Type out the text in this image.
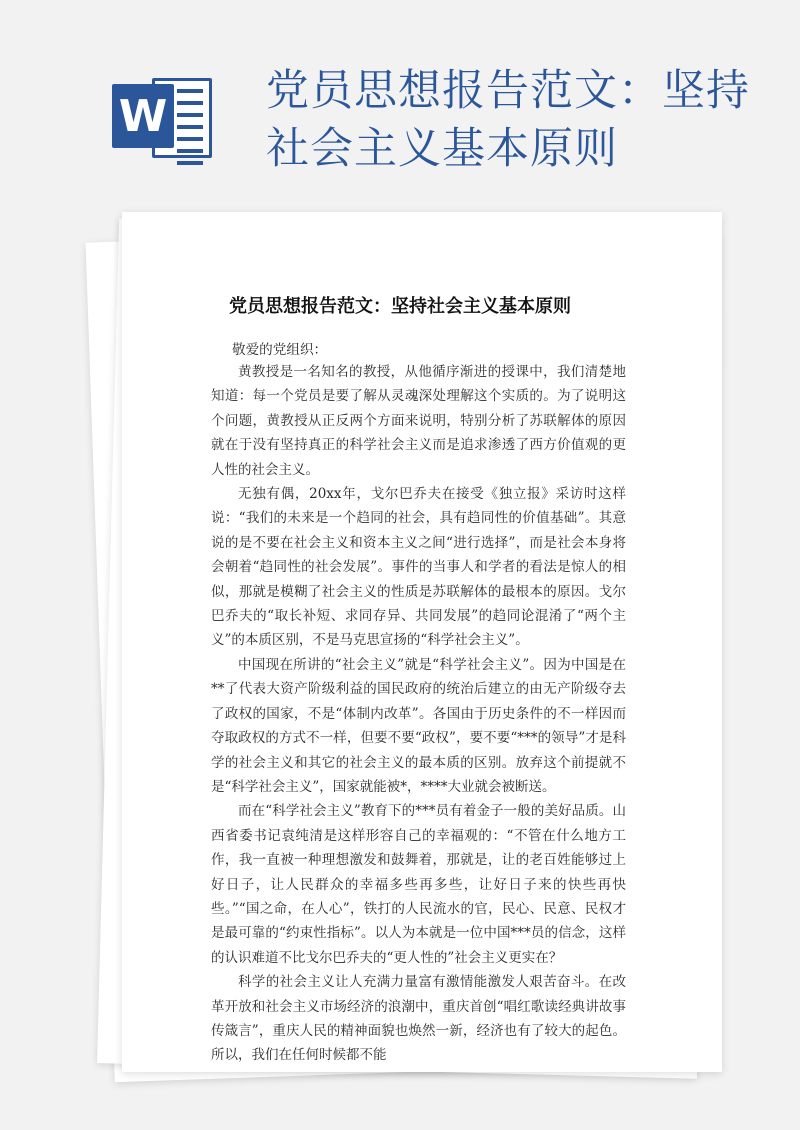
W 党员思想报告范文：坚持社会主义基本原则
党员思想报告范文：坚持社会主义基本原则
敬爱的党组织：

黄教授是一名知名的教授，从他循序渐进的授课中，我们清楚地知道：每一个党员是要了解从灵魂深处理解这个实质的。为了说明这个问题，黄教授从正反两个方面来说明，特别分析了苏联解体的原因就在于没有坚持真正的科学社会主义而是追求渗透了西方价值观的更人性的社会主义。

无独有偶，20xx年，戈尔巴乔夫在接受《独立报》采访时这样说：“我们的未来是一个趋同的社会，具有趋同性的价值基础”。其意说的是不要在社会主义和资本主义之间“进行选择”，而是社会本身将会朝着“趋同性的社会发展”。事件的当事人和学者的看法是惊人的相似，那就是模糊了社会主义的性质是苏联解体的最根本的原因。戈尔巴乔夫的“取长补短、求同存异、共同发展”的趋同论混淆了“两个主义”的本质区别，不是马克思宣扬的“科学社会主义”。

中国现在所讲的“社会主义”就是“科学社会主义”。因为中国是在**了代表大资产阶级利益的国民政府的统治后建立的由无产阶级夺去了政权的国家，不是“体制内改革”。各国由于历史条件的不一样因而夺取政权的方式不一样，但要不要“政权”，要不要“***的领导”才是科学的社会主义和其它的社会主义的最本质的区别。放弃这个前提就不是“科学社会主义”，国家就能被*，****大业就会被断送。

而在“科学社会主义”教育下的***员有着金子一般的美好品质。山西省委书记袁纯清是这样形容自己的幸福观的：“不管在什么地方工作，我一直被一种理想激发和鼓舞着，那就是，让的老百姓能够过上好日子，让人民群众的幸福多些再多些，让好日子来的快些再快些。”“国之命，在人心”，铁打的人民流水的官，民心、民意、民权才是最可靠的“约束性指标”。以人为本就是一位中国***员的信念，这样的认识难道不比戈尔巴乔夫的“更人性的”社会主义更实在？

科学的社会主义让人充满力量富有激情能激发人艰苦奋斗。在改革开放和社会主义市场经济的浪潮中，重庆首创“唱红歌读经典讲故事传箴言”，重庆人民的精神面貌也焕然一新，经济也有了较大的起色。所以，我们在任何时候都不能
